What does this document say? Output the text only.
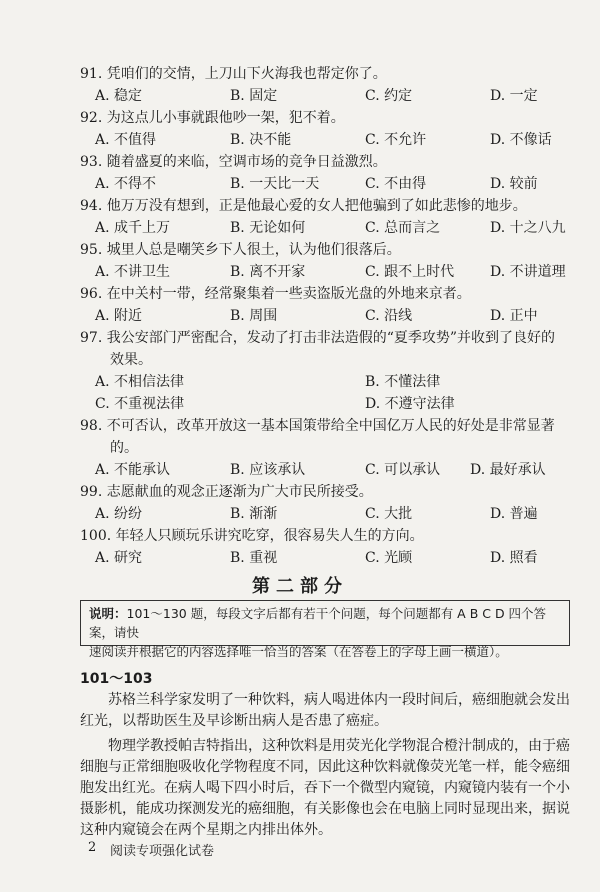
91. 凭咱们的交情，上刀山下火海我也帮定你了。
A. 稳定	B. 固定	C. 约定	D. 一定
92. 为这点儿小事就跟他吵一架，犯不着。
A. 不值得	B. 决不能	C. 不允许	D. 不像话
93. 随着盛夏的来临，空调市场的竞争日益激烈。
A. 不得不	B. 一天比一天	C. 不由得	D. 较前
94. 他万万没有想到，正是他最心爱的女人把他骗到了如此悲惨的地步。
A. 成千上万	B. 无论如何	C. 总而言之	D. 十之八九
95. 城里人总是嘲笑乡下人很土，认为他们很落后。
A. 不讲卫生	B. 离不开家	C. 跟不上时代	D. 不讲道理
96. 在中关村一带，经常聚集着一些卖盗版光盘的外地来京者。
A. 附近	B. 周围	C. 沿线	D. 正中
97. 我公安部门严密配合，发动了打击非法造假的“夏季攻势”并收到了良好的
效果。
A. 不相信法律	B. 不懂法律
C. 不重视法律	D. 不遵守法律
98. 不可否认，改革开放这一基本国策带给全中国亿万人民的好处是非常显著
的。
A. 不能承认	B. 应该承认	C. 可以承认 D. 最好承认
99. 志愿献血的观念正逐渐为广大市民所接受。
A. 纷纷	B. 渐渐	C. 大批	D. 普遍
100. 年轻人只顾玩乐讲究吃穿，很容易失人生的方向。
A. 研究	B. 重视	C. 光顾	D. 照看
第二部分
说明：101～130 题，每段文字后都有若干个问题，每个问题都有 A B C D 四个答案，请快
速阅读并根据它的内容选择唯一恰当的答案（在答卷上的字母上画一横道）。
101～103
苏格兰科学家发明了一种饮料，病人喝进体内一段时间后，癌细胞就会发出红光，以帮助医生及早诊断出病人是否患了癌症。
物理学教授帕吉特指出，这种饮料是用荧光化学物混合橙汁制成的，由于癌细胞与正常细胞吸收化学物程度不同，因此这种饮料就像荧光笔一样，能令癌细胞发出红光。在病人喝下四小时后，吞下一个微型内窥镜，内窥镜内装有一个小摄影机，能成功探测发光的癌细胞，有关影像也会在电脑上同时显现出来，据说这种内窥镜会在两个星期之内排出体外。
2 阅读专项强化试卷
